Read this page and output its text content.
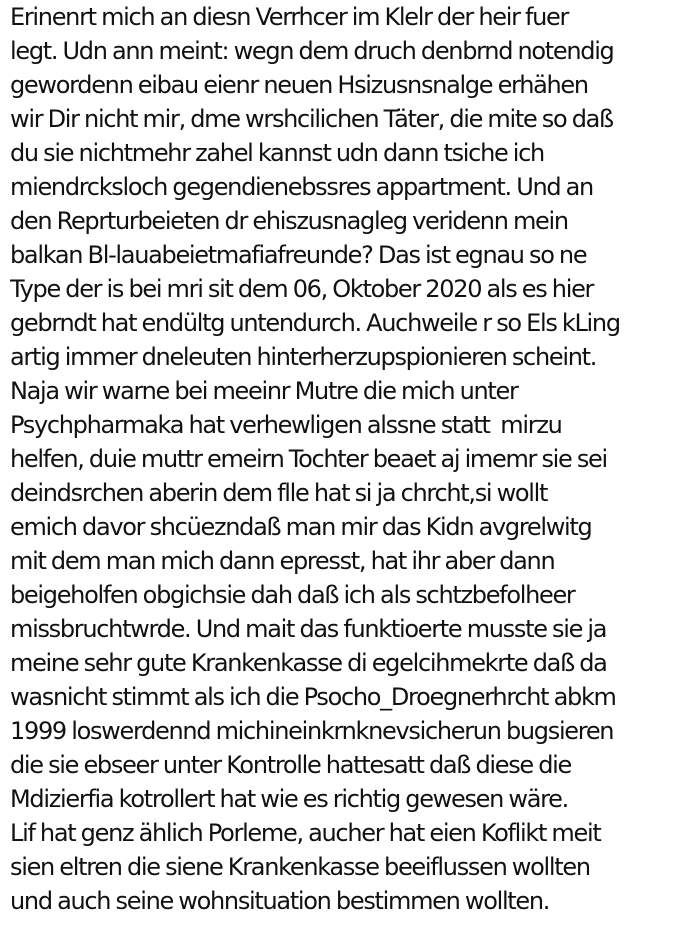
Erinenrt mich an diesn Verrhcer im Klelr der heir fuer
legt. Udn ann meint: wegn dem druch denbrnd notendig
gewordenn eibau eienr neuen Hsizusnsnalge erhähen
wir Dir nicht mir, dme wrshcilichen Täter, die mite so daß
du sie nichtmehr zahel kannst udn dann tsiche ich
miendrcksloch gegendienebssres appartment. Und an
den Reprturbeieten dr ehiszusnagleg veridenn mein
balkan Bl-lauabeietmafiafreunde? Das ist egnau so ne
Type der is bei mri sit dem 06, Oktober 2020 als es hier
gebrndt hat endültg untendurch. Auchweile r so Els kLing
artig immer dneleuten hinterherzupspionieren scheint.
Naja wir warne bei meeinr Mutre die mich unter
Psychpharmaka hat verhewligen alssne statt  mirzu
helfen, duie muttr emeirn Tochter beaet aj imemr sie sei
deindsrchen aberin dem flle hat si ja chrcht,si wollt
emich davor shcüezndaß man mir das Kidn avgrelwitg
mit dem man mich dann epresst, hat ihr aber dann
beigeholfen obgichsie dah daß ich als schtzbefolheer
missbruchtwrde. Und mait das funktioerte musste sie ja
meine sehr gute Krankenkasse di egelcihmekrte daß da
wasnicht stimmt als ich die Psocho_Droegnerhrcht abkm
1999 loswerdennd michineinkrnknevsicherun bugsieren
die sie ebseer unter Kontrolle hattesatt daß diese die
Mdizierfia kotrollert hat wie es richtig gewesen wäre.
Lif hat genz ählich Porleme, aucher hat eien Koflikt meit
sien eltren die siene Krankenkasse beeiflussen wollten
und auch seine wohnsituation bestimmen wollten.
